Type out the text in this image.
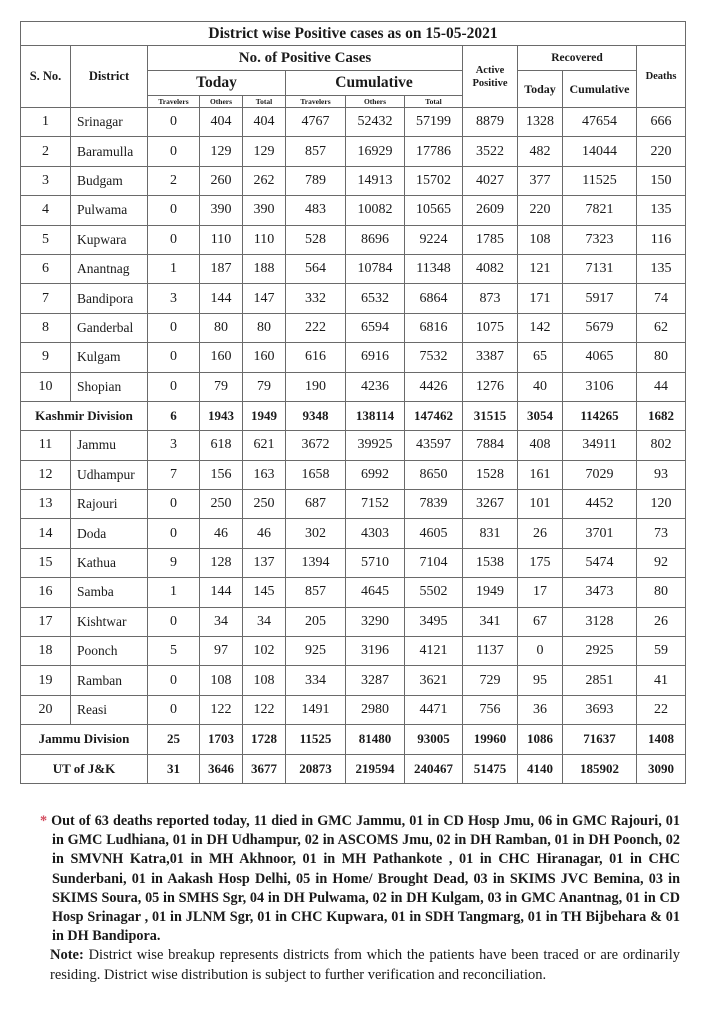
District wise Positive cases as on 15-05-2021											
S. No.	District	No. of Positive Cases						Active Positive	Recovered		Deaths
		Today			Cumulative				Today	Cumulative	
		Travelers	Others	Total	Travelers	Others	Total				
1	Srinagar	0	404	404	4767	52432	57199	8879	1328	47654	666
2	Baramulla	0	129	129	857	16929	17786	3522	482	14044	220
3	Budgam	2	260	262	789	14913	15702	4027	377	11525	150
4	Pulwama	0	390	390	483	10082	10565	2609	220	7821	135
5	Kupwara	0	110	110	528	8696	9224	1785	108	7323	116
6	Anantnag	1	187	188	564	10784	11348	4082	121	7131	135
7	Bandipora	3	144	147	332	6532	6864	873	171	5917	74
8	Ganderbal	0	80	80	222	6594	6816	1075	142	5679	62
9	Kulgam	0	160	160	616	6916	7532	3387	65	4065	80
10	Shopian	0	79	79	190	4236	4426	1276	40	3106	44
Kashmir Division		6	1943	1949	9348	138114	147462	31515	3054	114265	1682
11	Jammu	3	618	621	3672	39925	43597	7884	408	34911	802
12	Udhampur	7	156	163	1658	6992	8650	1528	161	7029	93
13	Rajouri	0	250	250	687	7152	7839	3267	101	4452	120
14	Doda	0	46	46	302	4303	4605	831	26	3701	73
15	Kathua	9	128	137	1394	5710	7104	1538	175	5474	92
16	Samba	1	144	145	857	4645	5502	1949	17	3473	80
17	Kishtwar	0	34	34	205	3290	3495	341	67	3128	26
18	Poonch	5	97	102	925	3196	4121	1137	0	2925	59
19	Ramban	0	108	108	334	3287	3621	729	95	2851	41
20	Reasi	0	122	122	1491	2980	4471	756	36	3693	22
Jammu Division		25	1703	1728	11525	81480	93005	19960	1086	71637	1408
UT of J&K		31	3646	3677	20873	219594	240467	51475	4140	185902	3090
* Out of 63 deaths reported today, 11 died in GMC Jammu, 01 in CD Hosp Jmu, 06 in GMC Rajouri, 01 in GMC Ludhiana, 01 in DH Udhampur, 02 in ASCOMS Jmu, 02 in DH Ramban, 01 in DH Poonch, 02 in SMVNH Katra,01 in MH Akhnoor, 01 in MH Pathankote , 01 in CHC Hiranagar, 01 in CHC Sunderbani, 01 in Aakash Hosp Delhi, 05 in Home/ Brought Dead, 03 in SKIMS JVC Bemina, 03 in SKIMS Soura, 05 in SMHS Sgr, 04 in DH Pulwama, 02 in DH Kulgam, 03 in GMC Anantnag, 01 in CD Hosp Srinagar , 01 in JLNM Sgr, 01 in CHC Kupwara, 01 in SDH Tangmarg, 01 in TH Bijbehara & 01 in DH Bandipora.
Note: District wise breakup represents districts from which the patients have been traced or are ordinarily residing. District wise distribution is subject to further verification and reconciliation.
